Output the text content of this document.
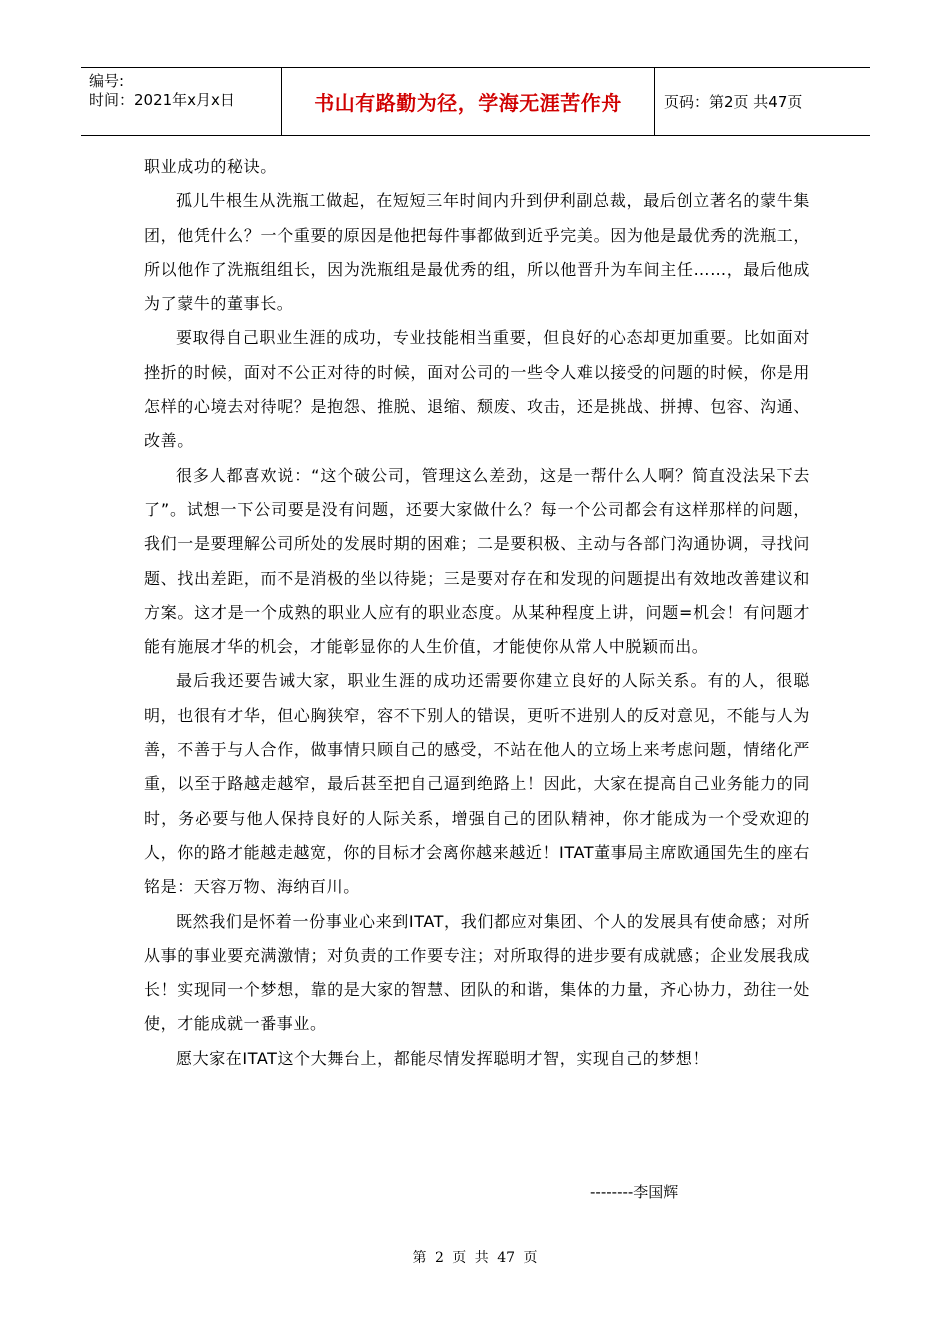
编号:
时间：2021年x月x日	书山有路勤为径，学海无涯苦作舟	页码：第2页 共47页

职业成功的秘诀。

孤儿牛根生从洗瓶工做起，在短短三年时间内升到伊利副总裁，最后创立著名的蒙牛集团，他凭什么？一个重要的原因是他把每件事都做到近乎完美。因为他是最优秀的洗瓶工，所以他作了洗瓶组组长，因为洗瓶组是最优秀的组，所以他晋升为车间主任……，最后他成为了蒙牛的董事长。

要取得自己职业生涯的成功，专业技能相当重要，但良好的心态却更加重要。比如面对挫折的时候，面对不公正对待的时候，面对公司的一些令人难以接受的问题的时候，你是用怎样的心境去对待呢？是抱怨、推脱、退缩、颓废、攻击，还是挑战、拼搏、包容、沟通、改善。

很多人都喜欢说：“这个破公司，管理这么差劲，这是一帮什么人啊？简直没法呆下去了”。试想一下公司要是没有问题，还要大家做什么？每一个公司都会有这样那样的问题，我们一是要理解公司所处的发展时期的困难；二是要积极、主动与各部门沟通协调，寻找问题、找出差距，而不是消极的坐以待毙；三是要对存在和发现的问题提出有效地改善建议和方案。这才是一个成熟的职业人应有的职业态度。从某种程度上讲，问题=机会！有问题才能有施展才华的机会，才能彰显你的人生价值，才能使你从常人中脱颖而出。

最后我还要告诫大家，职业生涯的成功还需要你建立良好的人际关系。有的人，很聪明，也很有才华，但心胸狭窄，容不下别人的错误，更听不进别人的反对意见，不能与人为善，不善于与人合作，做事情只顾自己的感受，不站在他人的立场上来考虑问题，情绪化严重，以至于路越走越窄，最后甚至把自己逼到绝路上！因此，大家在提高自己业务能力的同时，务必要与他人保持良好的人际关系，增强自己的团队精神，你才能成为一个受欢迎的人，你的路才能越走越宽，你的目标才会离你越来越近！ITAT董事局主席欧通国先生的座右铭是：天容万物、海纳百川。

既然我们是怀着一份事业心来到ITAT，我们都应对集团、个人的发展具有使命感；对所从事的事业要充满激情；对负责的工作要专注；对所取得的进步要有成就感；企业发展我成长！实现同一个梦想，靠的是大家的智慧、团队的和谐，集体的力量，齐心协力，劲往一处使，才能成就一番事业。

愿大家在ITAT这个大舞台上，都能尽情发挥聪明才智，实现自己的梦想！

--------李国辉
第 2 页 共 47 页
